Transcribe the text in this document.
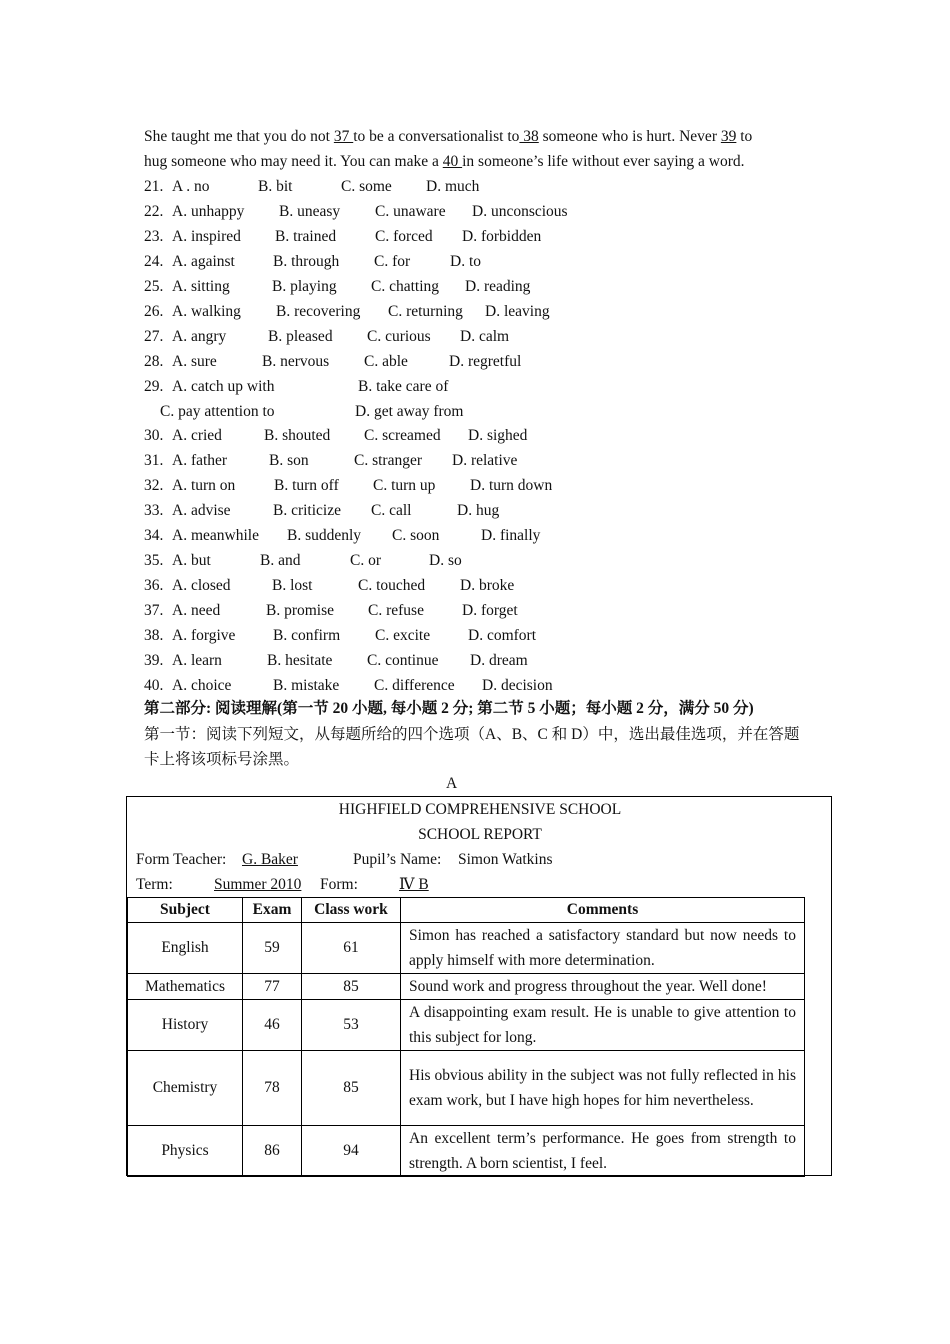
She taught me that you do not 37 to be a conversationalist to 38 someone who is hurt. Never 39 to
hug someone who may need it. You can make a 40 in someone’s life without ever saying a word.
21. A . no	B. bit	C. some D. much
22. A. unhappy B. uneasy C. unaware D. unconscious
23. A. inspired B. trained	C. forced D. forbidden
24. A. against B. through C. for	D. to
25. A. sitting	B. playing C. chatting D. reading
26. A. walking B. recovering C. returning D. leaving
27. A. angry	B. pleased C. curious D. calm
28. A. sure	B. nervous C. able	D. regretful
29. A. catch up with	B. take care of
C. pay attention to	D. get away from
30. A. cried	B. shouted C. screamed D. sighed
31. A. father	B. son	C. stranger D. relative
32. A. turn on B. turn off C. turn up D. turn down
33. A. advise	B. criticize C. call	D. hug
34. A. meanwhile B. suddenly C. soon	D. finally
35. A. but	B. and	C. or	D. so
36. A. closed	B. lost	C. touched D. broke
37. A. need	B. promise C. refuse D. forget
38. A. forgive B. confirm C. excite D. comfort
39. A. learn	B. hesitate C. continue D. dream
40. A. choice	B. mistake C. difference D. decision
第二部分: 阅读理解(第一节 20 小题, 每小题 2 分; 第二节 5 小题；每小题 2 分，满分 50 分)
第一节：阅读下列短文，从每题所给的四个选项（A、B、C 和 D）中，选出最佳选项，并在答题卡上将该项标号涂黑。
A
HIGHFIELD COMPREHENSIVE SCHOOL
SCHOOL REPORT
Form Teacher: G. Baker	Pupil’s Name: Simon Watkins
Term:	Summer 2010 Form:	Ⅳ B
Subject	Exam	Class work	Comments
English	59	61	Simon has reached a satisfactory standard but now needs to apply himself with more determination.
Mathematics	77	85	Sound work and progress throughout the year. Well done!
History	46	53	A disappointing exam result. He is unable to give attention to this subject for long.
Chemistry	78	85	His obvious ability in the subject was not fully reflected in his exam work, but I have high hopes for him nevertheless.
Physics	86	94	An excellent term’s performance. He goes from strength to strength. A born scientist, I feel.
